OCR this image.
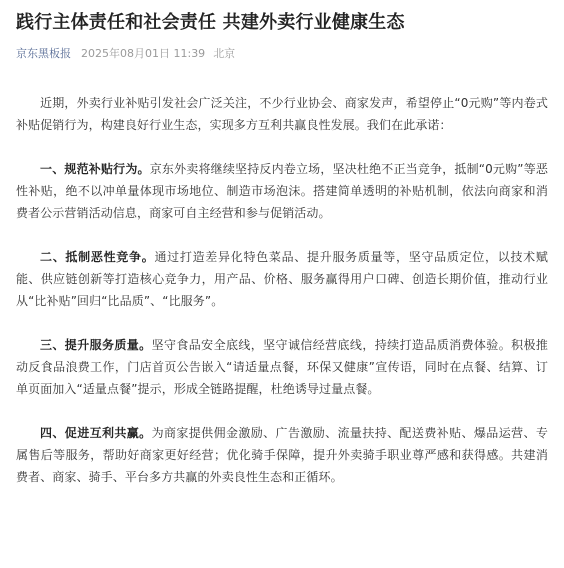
践行主体责任和社会责任 共建外卖行业健康生态
京东黑板报 2025年08月01日 11:39 北京

近期，外卖行业补贴引发社会广泛关注，不少行业协会、商家发声，希望停止“0元购”等内卷式补贴促销行为，构建良好行业生态，实现多方互利共赢良性发展。我们在此承诺：

一、规范补贴行为。京东外卖将继续坚持反内卷立场，坚决杜绝不正当竞争，抵制“0元购”等恶性补贴，绝不以冲单量体现市场地位、制造市场泡沫。搭建简单透明的补贴机制，依法向商家和消费者公示营销活动信息，商家可自主经营和参与促销活动。

二、抵制恶性竞争。通过打造差异化特色菜品、提升服务质量等，坚守品质定位，以技术赋能、供应链创新等打造核心竞争力，用产品、价格、服务赢得用户口碑、创造长期价值，推动行业从“比补贴”回归“比品质”、“比服务”。

三、提升服务质量。坚守食品安全底线，坚守诚信经营底线，持续打造品质消费体验。积极推动反食品浪费工作，门店首页公告嵌入“请适量点餐，环保又健康”宣传语，同时在点餐、结算、订单页面加入“适量点餐”提示，形成全链路提醒，杜绝诱导过量点餐。

四、促进互利共赢。为商家提供佣金激励、广告激励、流量扶持、配送费补贴、爆品运营、专属售后等服务，帮助好商家更好经营；优化骑手保障，提升外卖骑手职业尊严感和获得感。共建消费者、商家、骑手、平台多方共赢的外卖良性生态和正循环。
